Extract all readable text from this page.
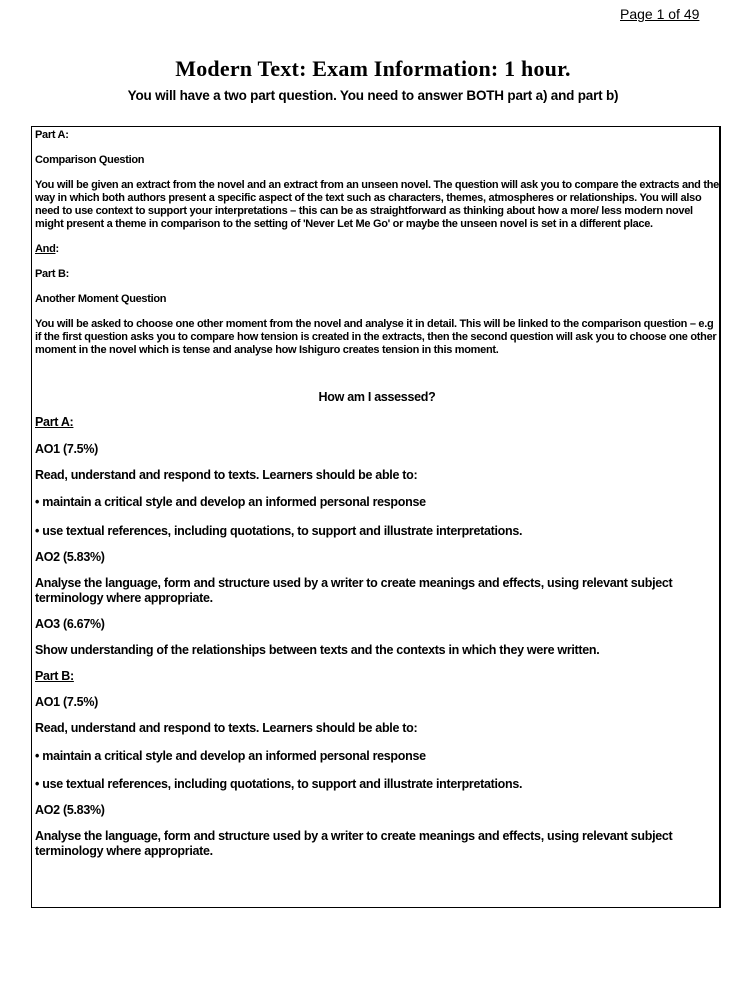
Page 1 of 49
Modern Text: Exam Information: 1 hour.
You will have a two part question. You need to answer BOTH part a) and part b)

Part A:

Comparison Question

You will be given an extract from the novel and an extract from an unseen novel. The question will ask you to compare the extracts and the way in which both authors present a specific aspect of the text such as characters, themes, atmospheres or relationships. You will also need to use context to support your interpretations – this can be as straightforward as thinking about how a more/ less modern novel might present a theme in comparison to the setting of 'Never Let Me Go' or maybe the unseen novel is set in a different place.

And:

Part B:

Another Moment Question

You will be asked to choose one other moment from the novel and analyse it in detail. This will be linked to the comparison question – e.g if the first question asks you to compare how tension is created in the extracts, then the second question will ask you to choose one other moment in the novel which is tense and analyse how Ishiguro creates tension in this moment.

How am I assessed?

Part A:

AO1 (7.5%)

Read, understand and respond to texts. Learners should be able to:

• maintain a critical style and develop an informed personal response

• use textual references, including quotations, to support and illustrate interpretations.

AO2 (5.83%)

Analyse the language, form and structure used by a writer to create meanings and effects, using relevant subject terminology where appropriate.

AO3 (6.67%)

Show understanding of the relationships between texts and the contexts in which they were written.

Part B:

AO1 (7.5%)

Read, understand and respond to texts. Learners should be able to:

• maintain a critical style and develop an informed personal response

• use textual references, including quotations, to support and illustrate interpretations.

AO2 (5.83%)

Analyse the language, form and structure used by a writer to create meanings and effects, using relevant subject terminology where appropriate.
